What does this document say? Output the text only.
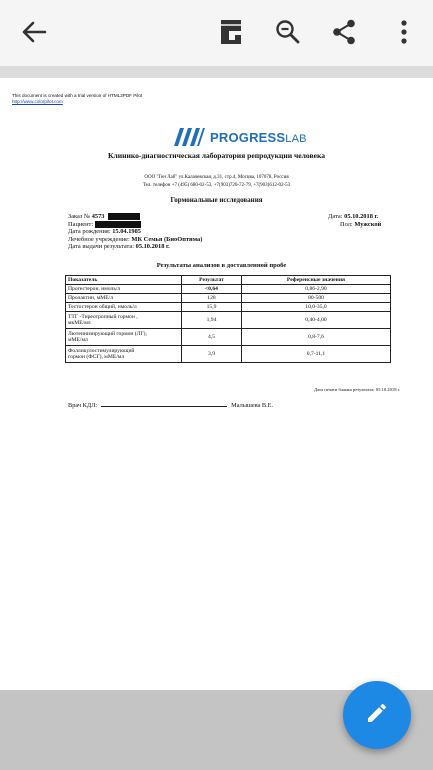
This document is created with a trial version of HTML2PDF Pilot
http://www.colorpilot.com
PROGRESSLAB
Клинико-диагностическая лаборатория репродукции человека
ООО "Ген Лаб" ул.Калачевская, д.31, стр.4, Москва, 107078, Россия
Тел. телефон +7 (495) 680-02-53, +7(903)720-72-79, +7(903)612-02-53
Гормональные исследования
Заказ № 4573
Пациент:
Дата рождения: 15.04.1985
Лечебное учреждение: МК Семья (БиоОптима)
Дата выдачи результата: 05.10.2018 г.
Дата: 05.10.2018 г.
Пол: Мужской
Результаты анализов в доставленной пробе
Показатель	Результат	Референсные значения
Прогестерон, нмоль/л	<0,64	0,86-2,90
Пролактин, мМЕ/л	128	80-500
Тестостерон общий, нмоль/л	15,9	10,0-35,0
ТТГ -Тиреотропный гормон ,
мкМЕ/мл	1,94	0,40-4,00
Лютеинизирующий гормон (ЛГ),
мМЕ/мл	4,5	0,8-7,6
Фолликулостимулирующий
гормон (ФСГ), мМЕ/мл	3,9	0,7-11,1
Дата печати бланка результата: 05.10.2018 г.
Врач КДЛ:	Малышева В.Е.
